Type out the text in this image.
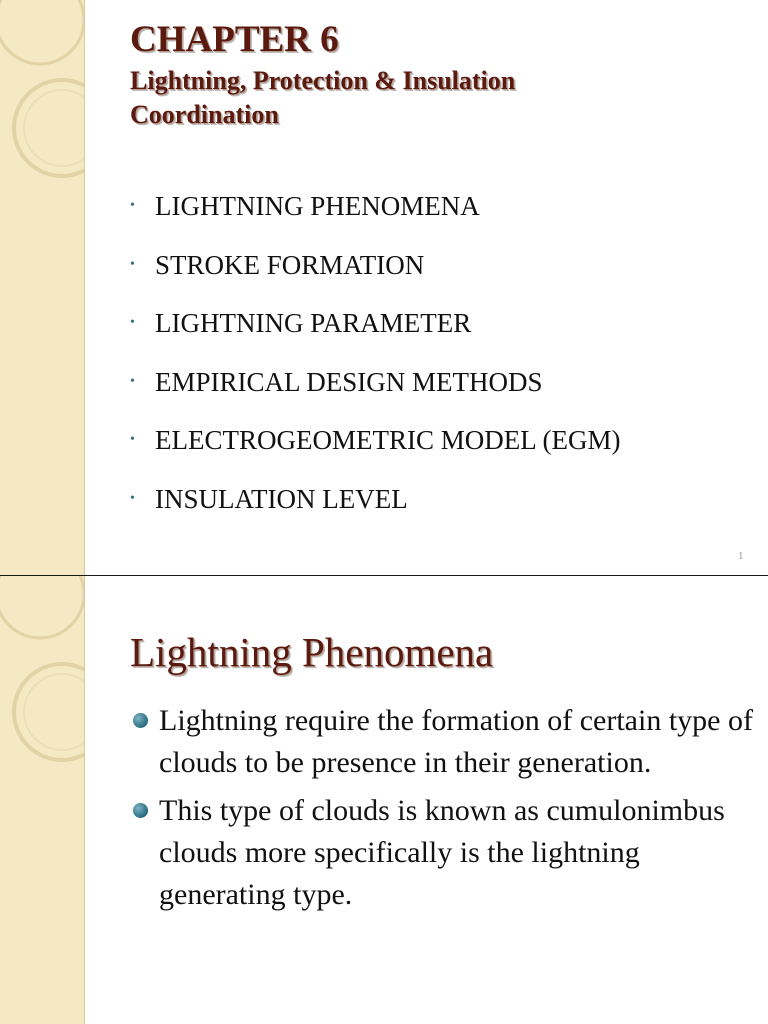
CHAPTER 6
Lightning, Protection & Insulation Coordination
• LIGHTNING PHENOMENA
• STROKE FORMATION
• LIGHTNING PARAMETER
• EMPIRICAL DESIGN METHODS
• ELECTROGEOMETRIC MODEL (EGM)
• INSULATION LEVEL
1
Lightning Phenomena
Lightning require the formation of certain type of clouds to be presence in their generation.
This type of clouds is known as cumulonimbus clouds more specifically is the lightning generating type.
